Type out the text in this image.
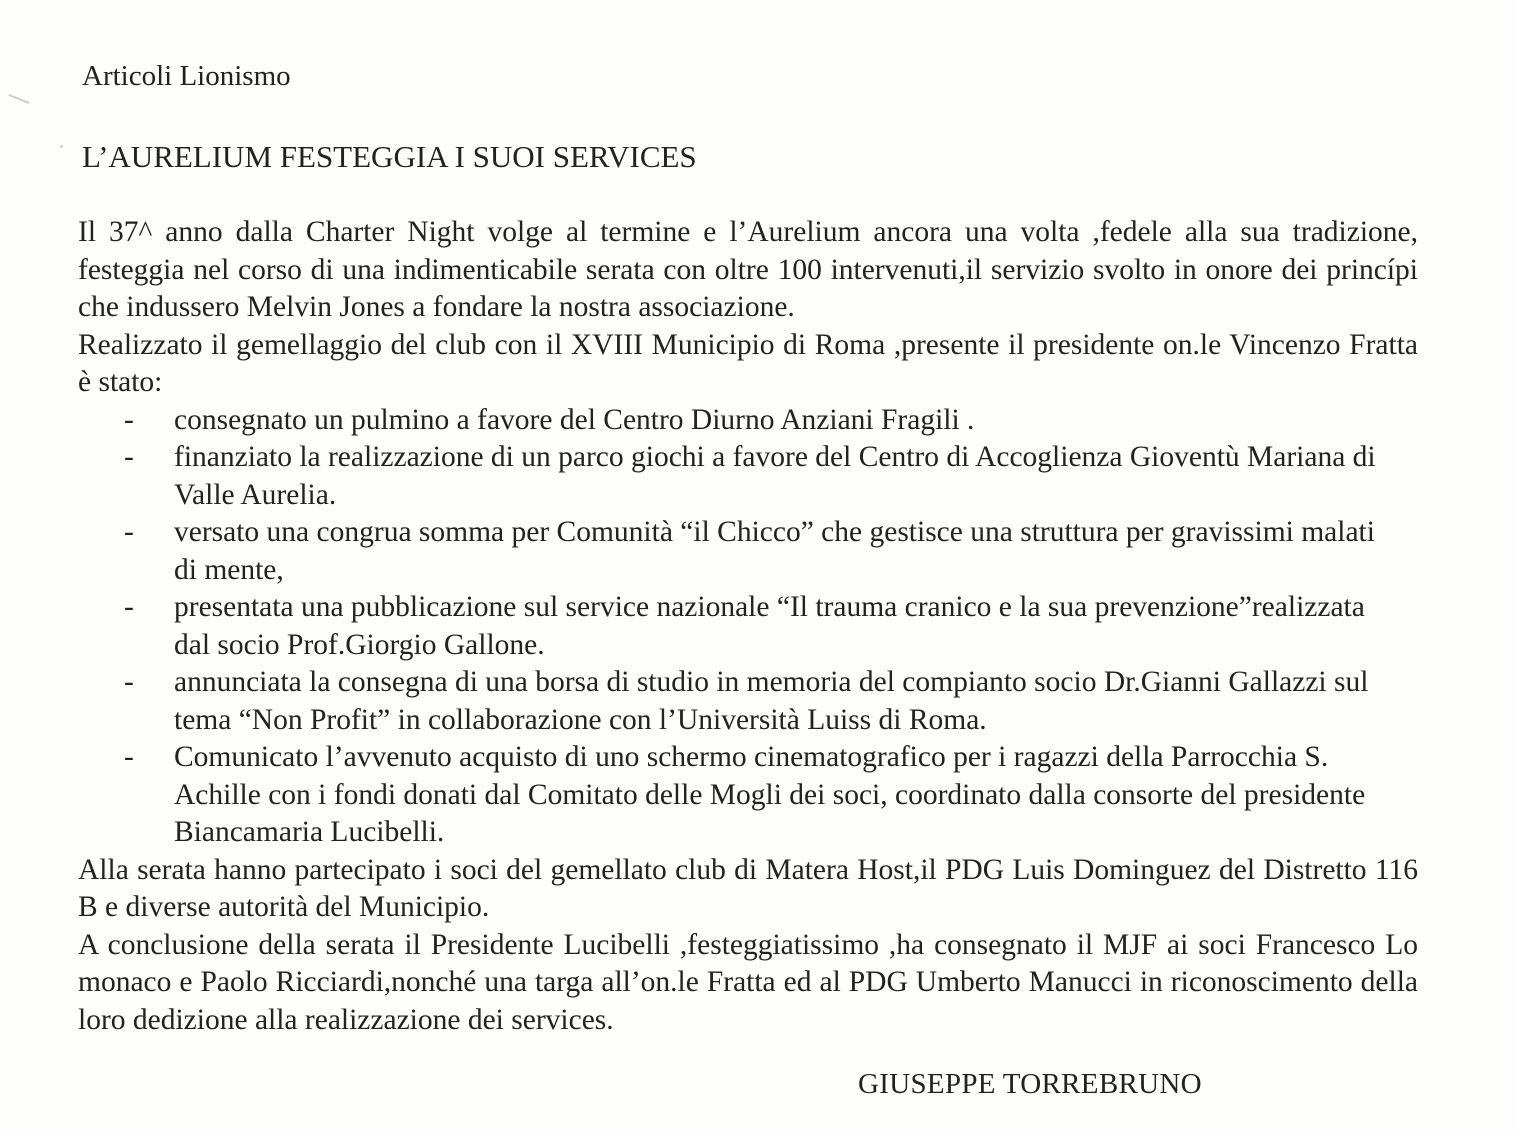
Articoli Lionismo
L’AURELIUM FESTEGGIA I SUOI SERVICES

Il 37^ anno dalla Charter Night volge al termine e l’Aurelium ancora una volta ,fedele alla sua tradizione, festeggia nel corso di una indimenticabile serata con oltre 100 intervenuti,il servizio svolto in onore dei princípi che indussero Melvin Jones a fondare la nostra associazione.

Realizzato il gemellaggio del club con il XVIII Municipio di Roma ,presente il presidente on.le Vincenzo Fratta è stato:

- consegnato un pulmino a favore del Centro Diurno Anziani Fragili .
- finanziato la realizzazione di un parco giochi a favore del Centro di Accoglienza Gioventù Mariana di Valle Aurelia.
- versato una congrua somma per Comunità “il Chicco” che gestisce una struttura per gravissimi malati di mente,
- presentata una pubblicazione sul service nazionale “Il trauma cranico e la sua prevenzione”realizzata dal socio Prof.Giorgio Gallone.
- annunciata la consegna di una borsa di studio in memoria del compianto socio Dr.Gianni Gallazzi sul tema “Non Profit” in collaborazione con l’Università Luiss di Roma.
- Comunicato l’avvenuto acquisto di uno schermo cinematografico per i ragazzi della Parrocchia S. Achille con i fondi donati dal Comitato delle Mogli dei soci, coordinato dalla consorte del presidente Biancamaria Lucibelli.

Alla serata hanno partecipato i soci del gemellato club di Matera Host,il PDG Luis Dominguez del Distretto 116 B e diverse autorità del Municipio.

A conclusione della serata il Presidente Lucibelli ,festeggiatissimo ,ha consegnato il MJF ai soci Francesco Lo monaco e Paolo Ricciardi,nonché una targa all’on.le Fratta ed al PDG Umberto Manucci in riconoscimento della loro dedizione alla realizzazione dei services.

GIUSEPPE TORREBRUNO
